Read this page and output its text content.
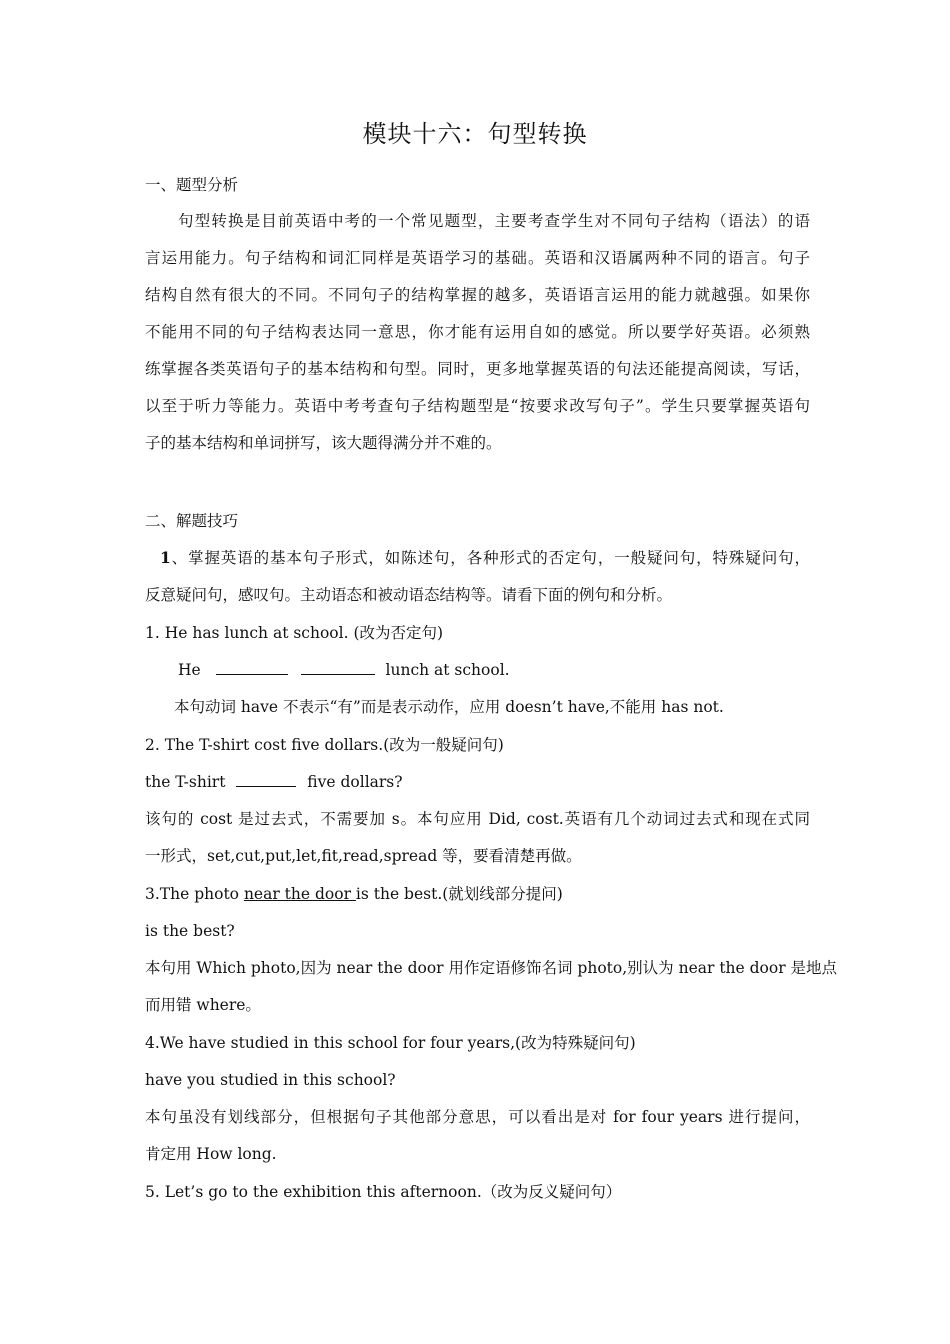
模块十六：句型转换
一、题型分析
句型转换是目前英语中考的一个常见题型，主要考查学生对不同句子结构（语法）的语
言运用能力。句子结构和词汇同样是英语学习的基础。英语和汉语属两种不同的语言。句子
结构自然有很大的不同。不同句子的结构掌握的越多，英语语言运用的能力就越强。如果你
不能用不同的句子结构表达同一意思，你才能有运用自如的感觉。所以要学好英语。必须熟
练掌握各类英语句子的基本结构和句型。同时，更多地掌握英语的句法还能提高阅读，写话，
以至于听力等能力。英语中考考查句子结构题型是“按要求改写句子”。学生只要掌握英语句
子的基本结构和单词拼写，该大题得满分并不难的。
二、解题技巧
1、掌握英语的基本句子形式，如陈述句，各种形式的否定句，一般疑问句，特殊疑问句，
反意疑问句，感叹句。主动语态和被动语态结构等。请看下面的例句和分析。
1. He has lunch at school. (改为否定句)
He	lunch at school.
本句动词 have 不表示“有”而是表示动作，应用 doesn’t have,不能用 has not.
2. The T-shirt cost five dollars.(改为一般疑问句)
the T-shirt	five dollars?
该句的 cost 是过去式，不需要加 s。本句应用 Did, cost.英语有几个动词过去式和现在式同
一形式，set,cut,put,let,fit,read,spread 等，要看清楚再做。
3.The photo near the door is the best.(就划线部分提问)
is the best?
本句用 Which photo,因为 near the door 用作定语修饰名词 photo,别认为 near the door 是地点
而用错 where。
4.We have studied in this school for four years,(改为特殊疑问句)
have you studied in this school?
本句虽没有划线部分，但根据句子其他部分意思，可以看出是对 for four years 进行提问，
肯定用 How long.
5. Let’s go to the exhibition this afternoon.（改为反义疑问句）
